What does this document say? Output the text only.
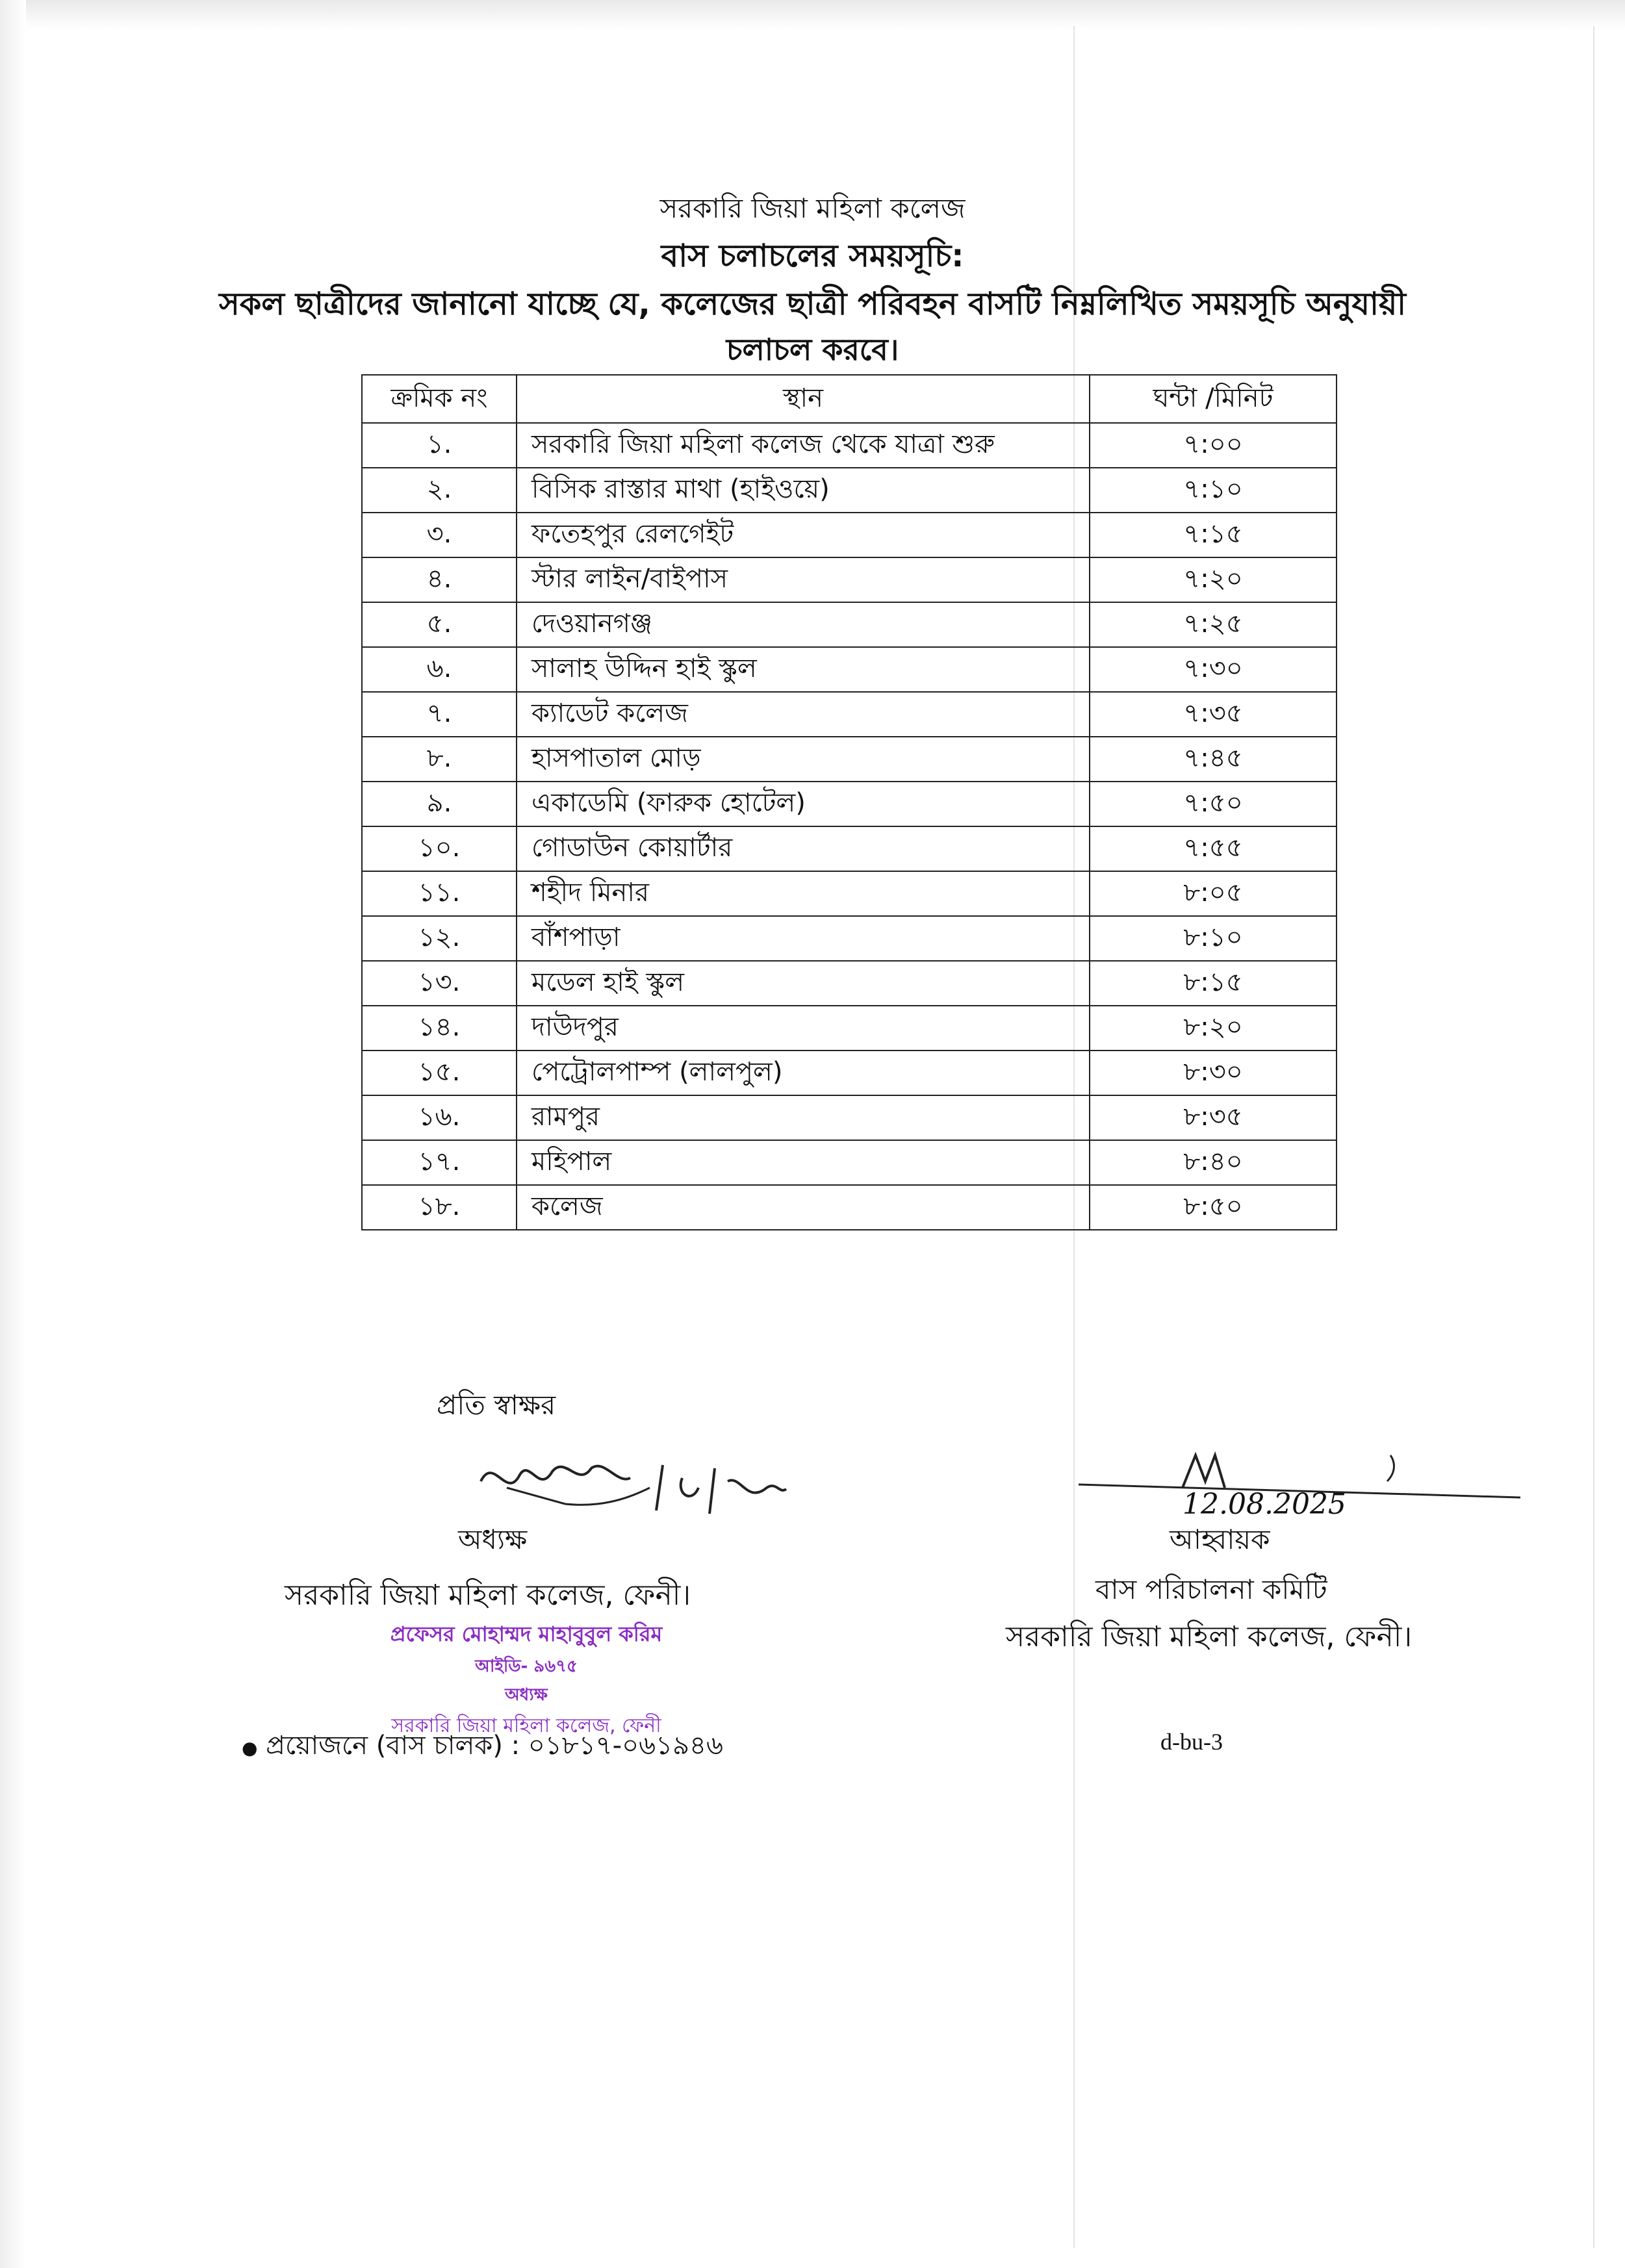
সরকারি জিয়া মহিলা কলেজ
বাস চলাচলের সময়সূচি:
সকল ছাত্রীদের জানানো যাচ্ছে যে, কলেজের ছাত্রী পরিবহন বাসটি নিম্নলিখিত সময়সূচি অনুযায়ী
চলাচল করবে।
ক্রমিক নং	স্থান	ঘন্টা /মিনিট
১.	সরকারি জিয়া মহিলা কলেজ থেকে যাত্রা শুরু	৭:০০
২.	বিসিক রাস্তার মাথা (হাইওয়ে)	৭:১০
৩.	ফতেহপুর রেলগেইট	৭:১৫
৪.	স্টার লাইন/বাইপাস	৭:২০
৫.	দেওয়ানগঞ্জ	৭:২৫
৬.	সালাহ উদ্দিন হাই স্কুল	৭:৩০
৭.	ক্যাডেট কলেজ	৭:৩৫
৮.	হাসপাতাল মোড়	৭:৪৫
৯.	একাডেমি (ফারুক হোটেল)	৭:৫০
১০.	গোডাউন কোয়ার্টার	৭:৫৫
১১.	শহীদ মিনার	৮:০৫
১২.	বাঁশপাড়া	৮:১০
১৩.	মডেল হাই স্কুল	৮:১৫
১৪.	দাউদপুর	৮:২০
১৫.	পেট্রোলপাম্প (লালপুল)	৮:৩০
১৬.	রামপুর	৮:৩৫
১৭.	মহিপাল	৮:৪০
১৮.	কলেজ	৮:৫০
প্রতি স্বাক্ষর
12.08.2025
অধ্যক্ষ	আহ্বায়ক
সরকারি জিয়া মহিলা কলেজ, ফেনী।	বাস পরিচালনা কমিটি
সরকারি জিয়া মহিলা কলেজ, ফেনী।
প্রফেসর মোহাম্মদ মাহাবুবুল করিম
আইডি- ৯৬৭৫
অধ্যক্ষ
সরকারি জিয়া মহিলা কলেজ, ফেনী
● প্রয়োজনে (বাস চালক) : ০১৮১৭-০৬১৯৪৬	d-bu-3
